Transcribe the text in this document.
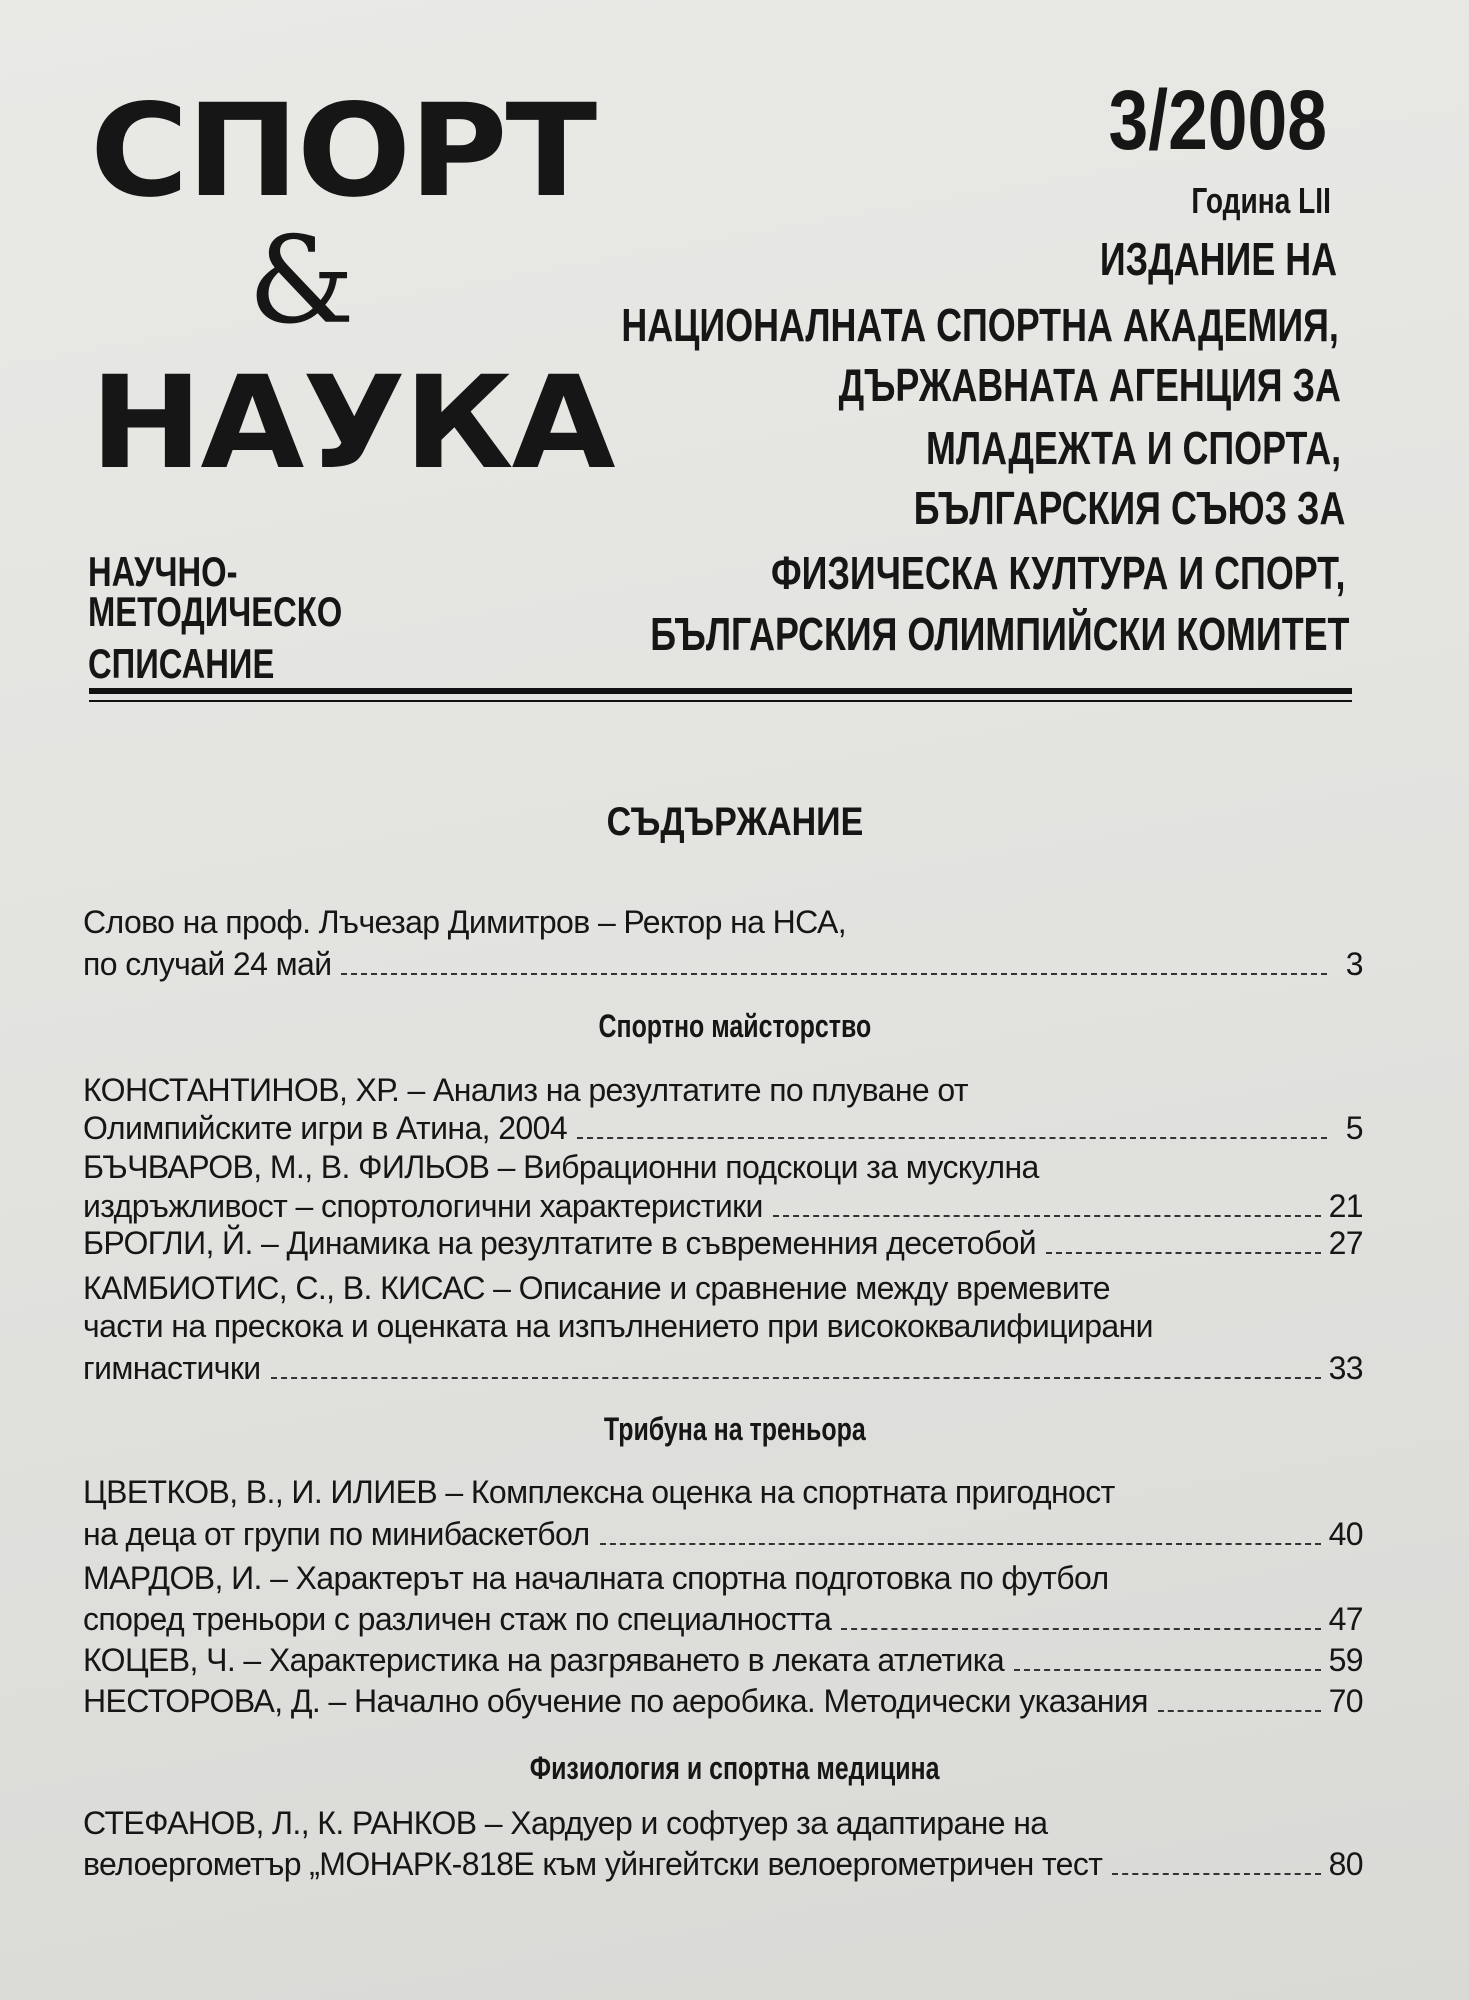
СПОРТ
&
НАУКА
НАУЧНО-
МЕТОДИЧЕСКО
СПИСАНИЕ
3/2008
Година LII
ИЗДАНИЕ НА
НАЦИОНАЛНАТА СПОРТНА АКАДЕМИЯ,
ДЪРЖАВНАТА АГЕНЦИЯ ЗА
МЛАДЕЖТА И СПОРТА,
БЪЛГАРСКИЯ СЪЮЗ ЗА
ФИЗИЧЕСКА КУЛТУРА И СПОРТ,
БЪЛГАРСКИЯ ОЛИМПИЙСКИ КОМИТЕТ
СЪДЪРЖАНИЕ
Слово на проф. Лъчезар Димитров – Ректор на НСА,
по случай 24 май	3
Спортно майсторство
КОНСТАНТИНОВ, ХР. – Анализ на резултатите по плуване от
Олимпийските игри в Атина, 2004	5
БЪЧВАРОВ, М., В. ФИЛЬОВ – Вибрационни подскоци за мускулна
издръжливост – спортологични характеристики	21
БРОГЛИ, Й. – Динамика на резултатите в съвременния десетобой	27
КАМБИОТИС, С., В. КИСАС – Описание и сравнение между времевите
части на прескока и оценката на изпълнението при висококвалифицирани
гимнастички	33
Трибуна на треньора
ЦВЕТКОВ, В., И. ИЛИЕВ – Комплексна оценка на спортната пригодност
на деца от групи по минибаскетбол	40
МАРДОВ, И. – Характерът на началната спортна подготовка по футбол
според треньори с различен стаж по специалността	47
КОЦЕВ, Ч. – Характеристика на разгряването в леката атлетика	59
НЕСТОРОВА, Д. – Начално обучение по аеробика. Методически указания	70
Физиология и спортна медицина
СТЕФАНОВ, Л., К. РАНКОВ – Хардуер и софтуер за адаптиране на
велоергометър „МОНАРК-818Е към уйнгейтски велоергометричен тест	80
